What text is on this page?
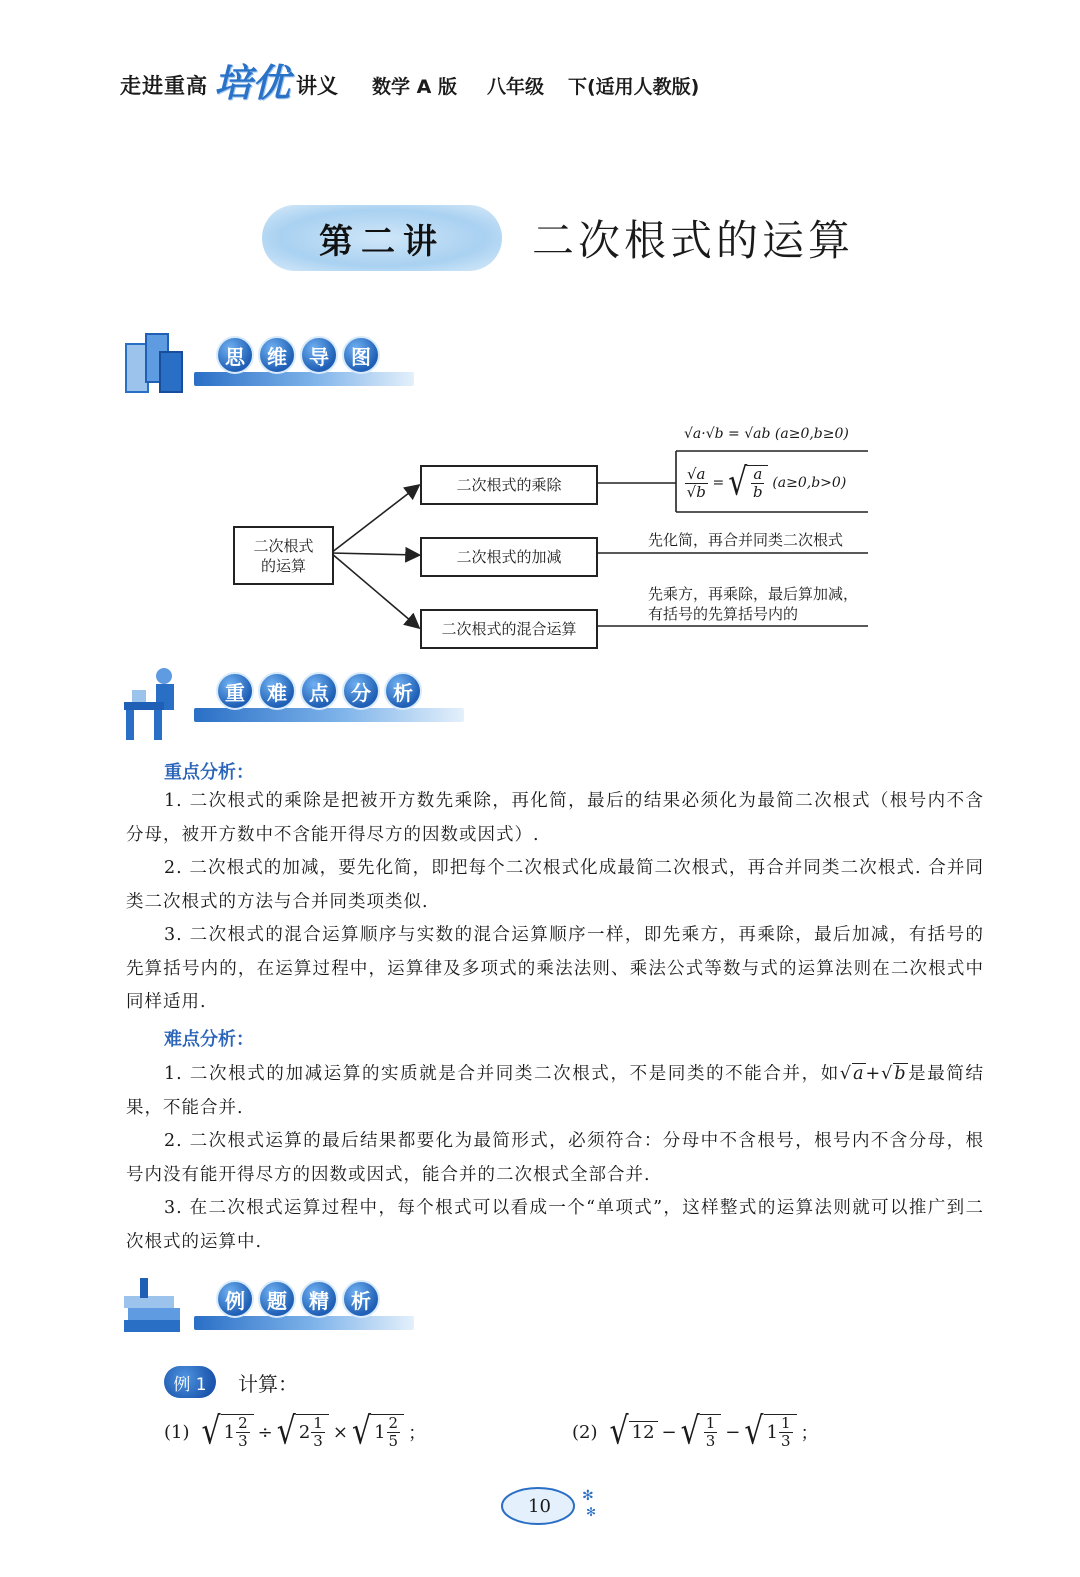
走进重高 培优 讲义 数学 A 版 八年级 下(适用人教版)
第二讲	二次根式的运算
思	维	导	图
二次根式的运算
二次根式的乘除
二次根式的加减
二次根式的混合运算
√a·√b = √ab (a≥0,b≥0)
$\frac{√a}{√b}$ = √ $\frac{a}{b} (a\ge 0,b>0)$
先化简，再合并同类二次根式
先乘方，再乘除，最后算加减，
有括号的先算括号内的
重	难	点	分	析
重点分析：
1. 二次根式的乘除是把被开方数先乘除，再化简，最后的结果必须化为最简二次根式（根号内不含分母，被开方数中不含能开得尽方的因数或因式）.
2. 二次根式的加减，要先化简，即把每个二次根式化成最简二次根式，再合并同类二次根式. 合并同类二次根式的方法与合并同类项类似.
3. 二次根式的混合运算顺序与实数的混合运算顺序一样，即先乘方，再乘除，最后加减，有括号的先算括号内的，在运算过程中，运算律及多项式的乘法法则、乘法公式等数与式的运算法则在二次根式中同样适用.
难点分析：
1. 二次根式的加减运算的实质就是合并同类二次根式，不是同类的不能合并，如√a+√b是最简结果，不能合并.
2. 二次根式运算的最后结果都要化为最简形式，必须符合：分母中不含根号，根号内不含分母，根号内没有能开得尽方的因数或因式，能合并的二次根式全部合并.
3. 在二次根式运算过程中，每个根式可以看成一个“单项式”，这样整式的运算法则就可以推广到二次根式的运算中.
例	题	精	析
例 1	计算：
(1) √ $1 \frac{2}{3}$ ÷ √ $2 \frac{1}{3}$ × √ $1 \frac{2}{5}$ ；	(2) √ 12 − √ $\frac{1}{3}$ − √ $1 \frac{1}{3}$ ；
✻
✻
10
